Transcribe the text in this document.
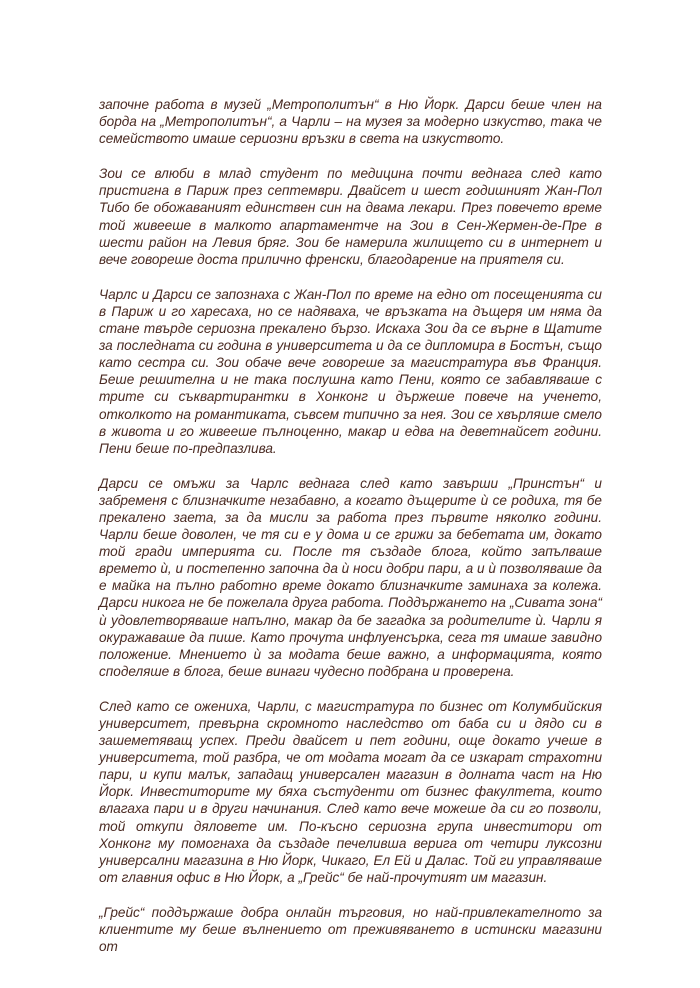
започне работа в музей „Метрополитън“ в Ню Йорк. Дарси беше член на борда на „Метрополитън“, а Чарли – на музея за модерно изкуство, така че семейството имаше сериозни връзки в света на изкуството.

Зои се влюби в млад студент по медицина почти веднага след като пристигна в Париж през септември. Двайсет и шест годишният Жан-Пол Тибо бе обожаваният единствен син на двама лекари. През повечето време той живееше в малкото апартаментче на Зои в Сен-Жермен-де-Пре в шести район на Левия бряг. Зои бе намерила жилището си в интернет и вече говореше доста прилично френски, благодарение на приятеля си.

Чарлс и Дарси се запознаха с Жан-Пол по време на едно от посещенията си в Париж и го харесаха, но се надяваха, че връзката на дъщеря им няма да стане твърде сериозна прекалено бързо. Искаха Зои да се върне в Щатите за последната си година в университета и да се дипломира в Бостън, също като сестра си. Зои обаче вече говореше за магистратура във Франция. Беше решителна и не така послушна като Пени, която се забавляваше с трите си съквартирантки в Хонконг и държеше повече на ученето, отколкото на романтиката, съвсем типично за нея. Зои се хвърляше смело в живота и го живееше пълноценно, макар и едва на деветнайсет години. Пени беше по-предпазлива.

Дарси се омъжи за Чарлс веднага след като завърши „Принстън“ и забременя с близначките незабавно, а когато дъщерите ѝ се родиха, тя бе прекалено заета, за да мисли за работа през първите няколко години. Чарли беше доволен, че тя си е у дома и се грижи за бебетата им, докато той гради империята си. После тя създаде блога, който запълваше времето ѝ, и постепенно започна да ѝ носи добри пари, а и ѝ позволяваше да е майка на пълно работно време докато близначките заминаха за колежа. Дарси никога не бе пожелала друга работа. Поддържането на „Сивата зона“ ѝ удовлетворяваше напълно, макар да бе загадка за родителите ѝ. Чарли я окуражаваше да пише. Като прочута инфлуенсърка, сега тя имаше завидно положение. Мнението ѝ за модата беше важно, а информацията, която споделяше в блога, беше винаги чудесно подбрана и проверена.

След като се ожениха, Чарли, с магистратура по бизнес от Колумбийския университет, превърна скромното наследство от баба си и дядо си в зашеметяващ успех. Преди двайсет и пет години, още докато учеше в университета, той разбра, че от модата могат да се изкарат страхотни пари, и купи малък, западащ универсален магазин в долната част на Ню Йорк. Инвеститорите му бяха състуденти от бизнес факултета, които влагаха пари и в други начинания. След като вече можеше да си го позволи, той откупи дяловете им. По-късно сериозна група инвеститори от Хонконг му помогнаха да създаде печеливша верига от четири луксозни универсални магазина в Ню Йорк, Чикаго, Ел Ей и Далас. Той ги управляваше от главния офис в Ню Йорк, а „Грейс“ бе най-прочутият им магазин.

„Грейс“ поддържаше добра онлайн търговия, но най-привлекателното за клиентите му беше вълнението от преживяването в истински магазини от
